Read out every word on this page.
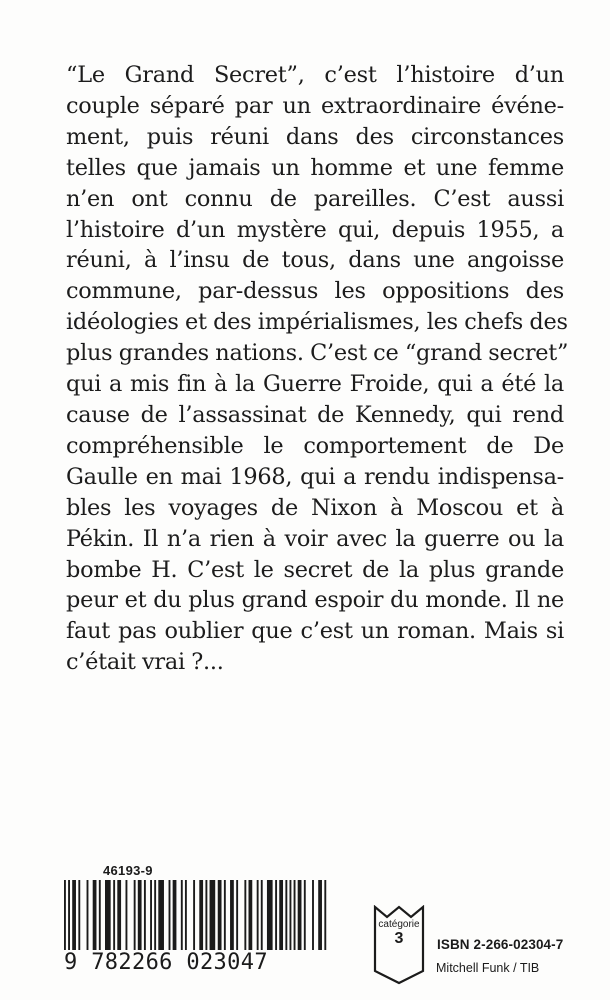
“Le Grand Secret”, c’est l’histoire d’un
couple séparé par un extraordinaire événe-
ment, puis réuni dans des circonstances
telles que jamais un homme et une femme
n’en ont connu de pareilles. C’est aussi
l’histoire d’un mystère qui, depuis 1955, a
réuni, à l’insu de tous, dans une angoisse
commune, par-dessus les oppositions des
idéologies et des impérialismes, les chefs des
plus grandes nations. C’est ce “grand secret”
qui a mis fin à la Guerre Froide, qui a été la
cause de l’assassinat de Kennedy, qui rend
compréhensible le comportement de De
Gaulle en mai 1968, qui a rendu indispensa-
bles les voyages de Nixon à Moscou et à
Pékin. Il n’a rien à voir avec la guerre ou la
bombe H. C’est le secret de la plus grande
peur et du plus grand espoir du monde. Il ne
faut pas oublier que c’est un roman. Mais si
c’était vrai ?...
46193-9
9 782266 023047
catégorie
3	ISBN 2-266-02304-7
Mitchell Funk / TIB
